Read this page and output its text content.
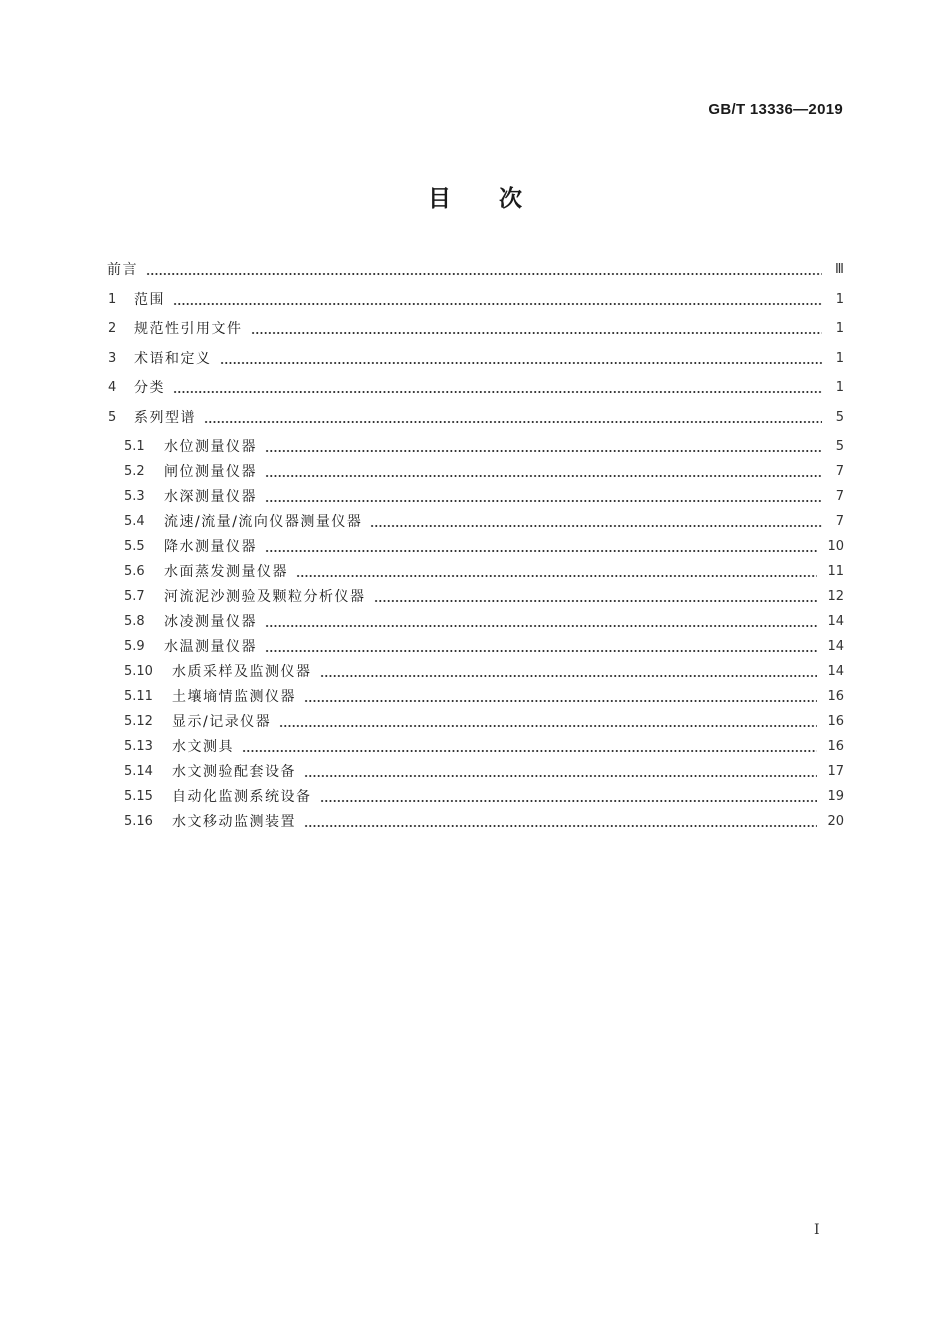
GB/T 13336—2019
目 次
前言	Ⅲ
1	范围	1
2	规范性引用文件	1
3	术语和定义	1
4	分类	1
5	系列型谱	5
5.1	水位测量仪器	5
5.2	闸位测量仪器	7
5.3	水深测量仪器	7
5.4	流速/流量/流向仪器测量仪器	7
5.5	降水测量仪器	10
5.6	水面蒸发测量仪器	11
5.7	河流泥沙测验及颗粒分析仪器	12
5.8	冰凌测量仪器	14
5.9	水温测量仪器	14
5.10	水质采样及监测仪器	14
5.11	土壤墒情监测仪器	16
5.12	显示/记录仪器	16
5.13	水文测具	16
5.14	水文测验配套设备	17
5.15	自动化监测系统设备	19
5.16	水文移动监测装置	20
I
